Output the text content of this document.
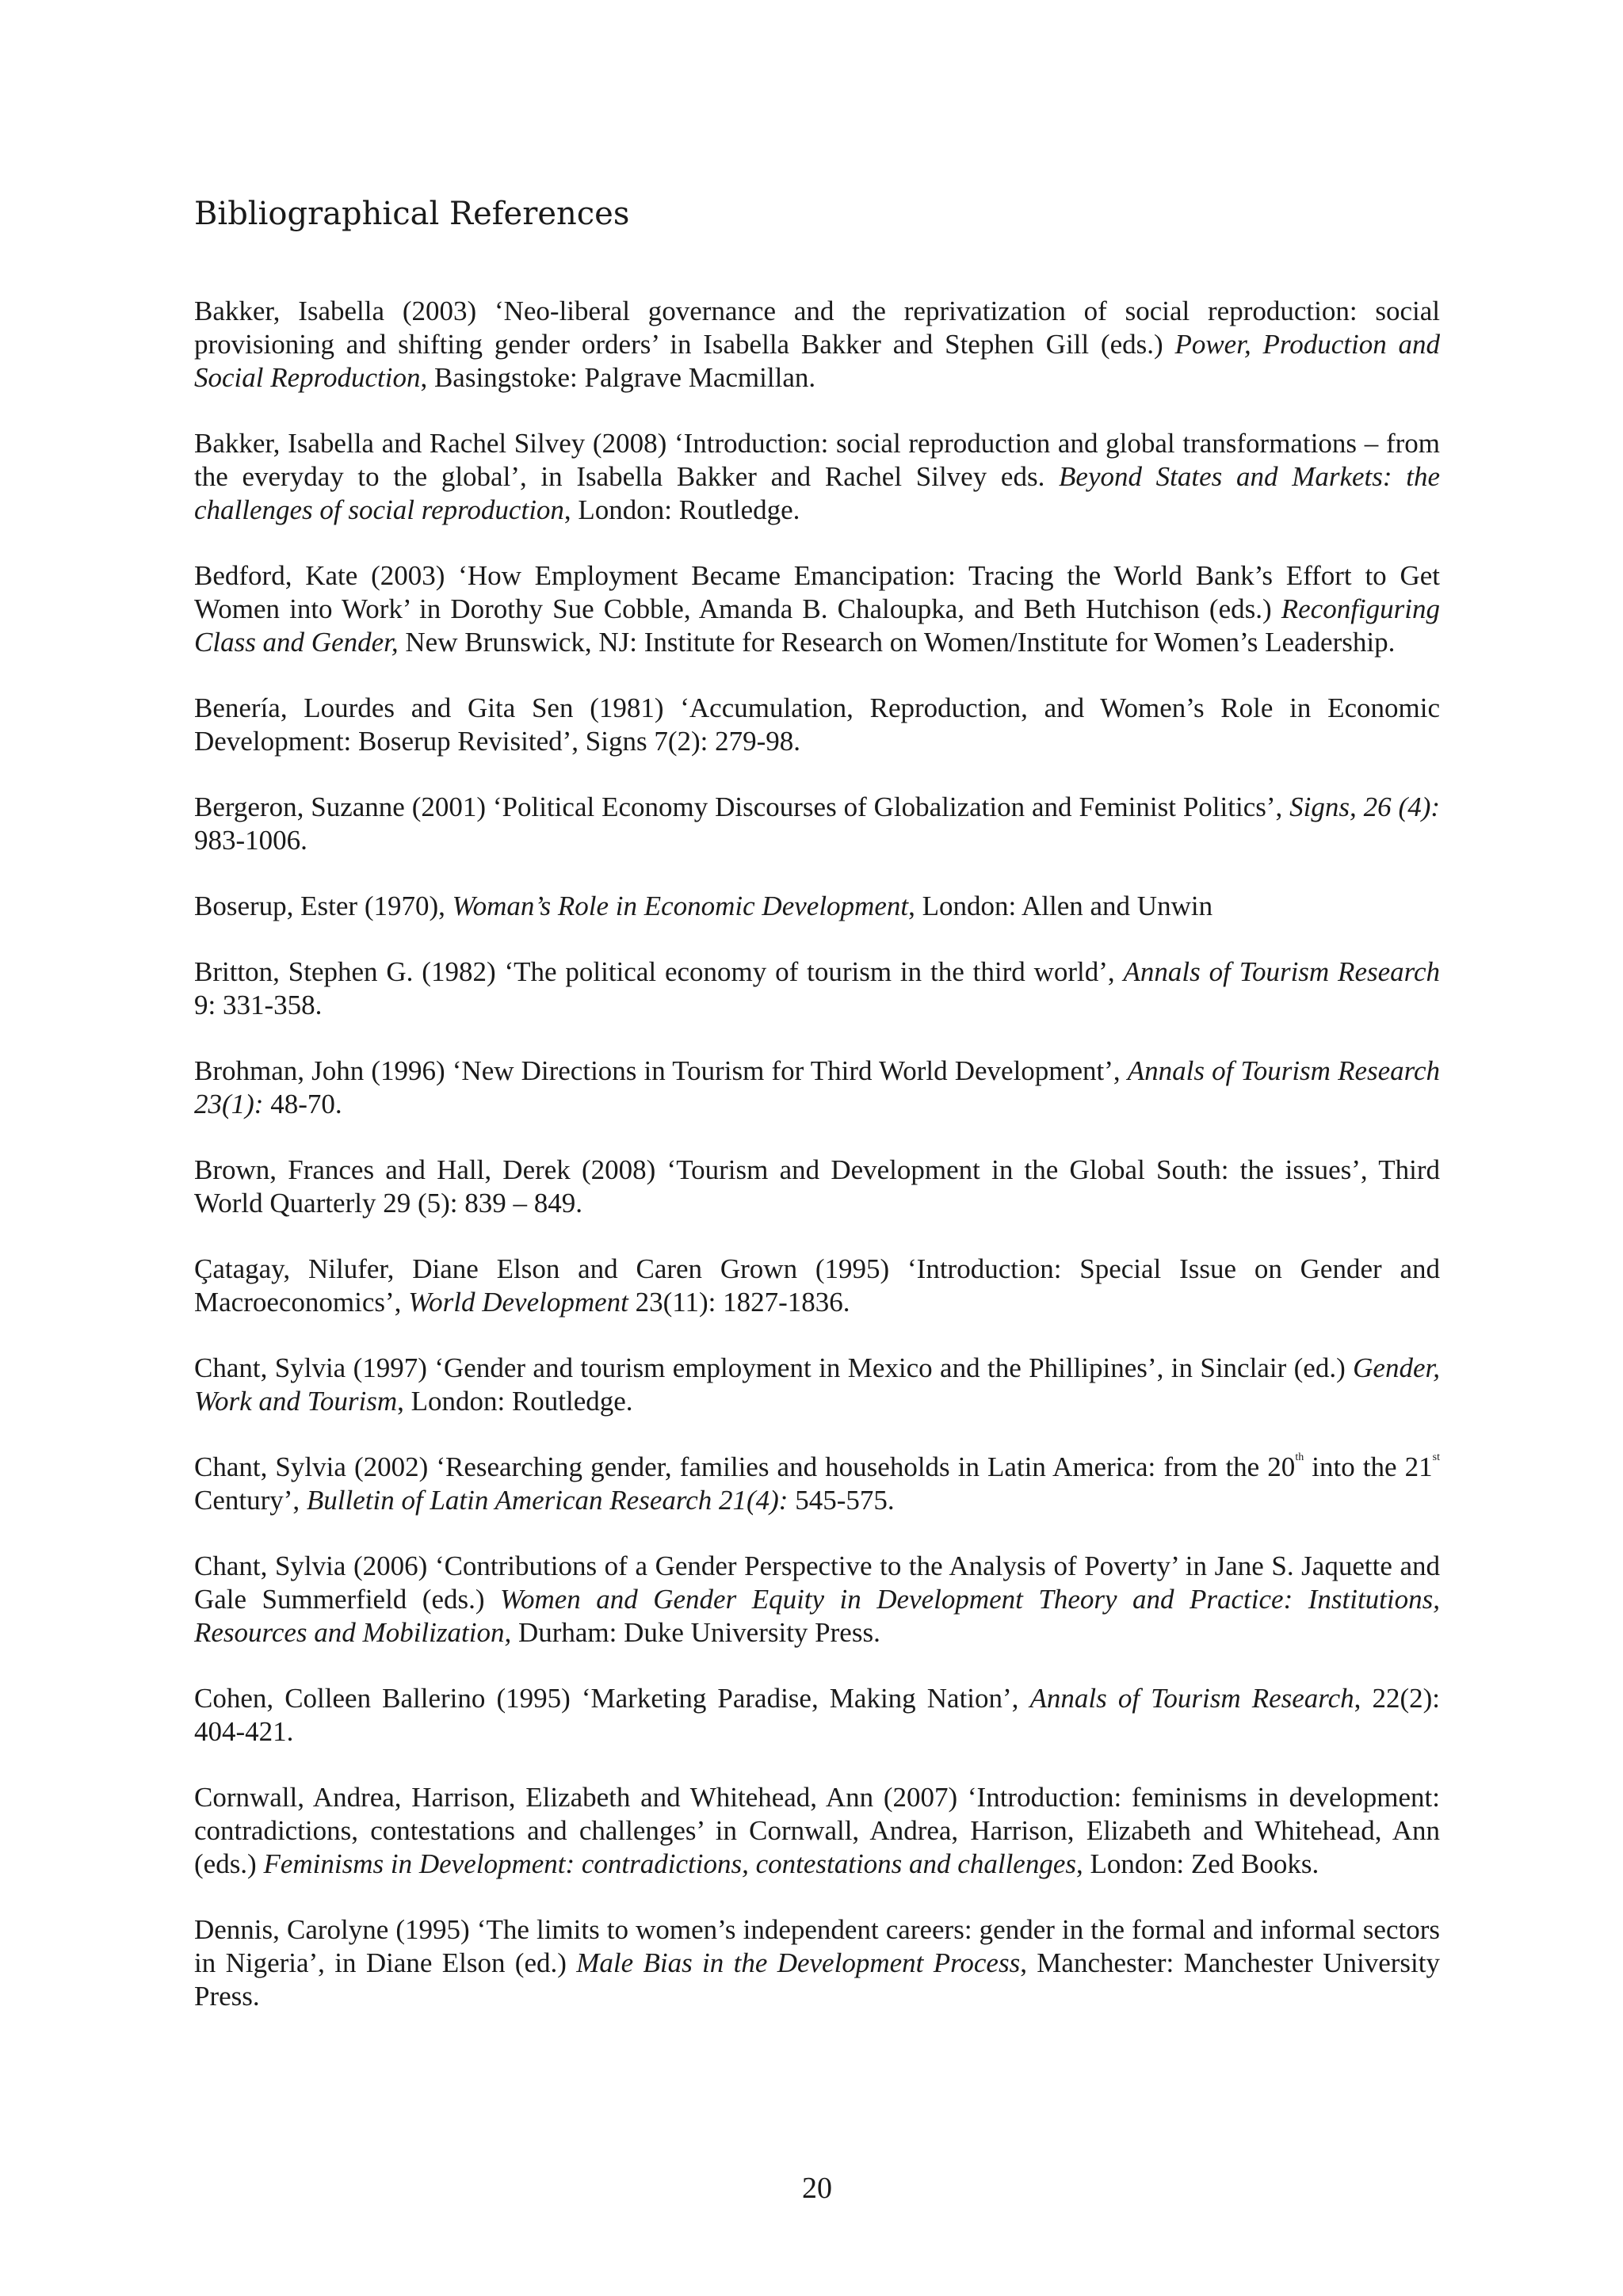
Bibliographical References
Bakker, Isabella (2003) ‘Neo-liberal governance and the reprivatization of social reproduction: social provisioning and shifting gender orders’ in Isabella Bakker and Stephen Gill (eds.) Power, Production and Social Reproduction, Basingstoke: Palgrave Macmillan.
Bakker, Isabella and Rachel Silvey (2008) ‘Introduction: social reproduction and global transformations – from the everyday to the global’, in Isabella Bakker and Rachel Silvey eds. Beyond States and Markets: the challenges of social reproduction, London: Routledge.
Bedford, Kate (2003) ‘How Employment Became Emancipation: Tracing the World Bank’s Effort to Get Women into Work’ in Dorothy Sue Cobble, Amanda B. Chaloupka, and Beth Hutchison (eds.) Reconfiguring Class and Gender, New Brunswick, NJ: Institute for Research on Women/Institute for Women’s Leadership.
Benería, Lourdes and Gita Sen (1981) ‘Accumulation, Reproduction, and Women’s Role in Economic Development: Boserup Revisited’, Signs 7(2): 279-98.
Bergeron, Suzanne (2001) ‘Political Economy Discourses of Globalization and Feminist Politics’, Signs, 26 (4): 983-1006.
Boserup, Ester (1970), Woman’s Role in Economic Development, London: Allen and Unwin
Britton, Stephen G. (1982) ‘The political economy of tourism in the third world’, Annals of Tourism Research 9: 331-358.
Brohman, John (1996) ‘New Directions in Tourism for Third World Development’, Annals of Tourism Research 23(1): 48-70.
Brown, Frances and Hall, Derek (2008) ‘Tourism and Development in the Global South: the issues’, Third World Quarterly 29 (5): 839 – 849.
Çatagay, Nilufer, Diane Elson and Caren Grown (1995) ‘Introduction: Special Issue on Gender and Macroeconomics’, World Development 23(11): 1827-1836.
Chant, Sylvia (1997) ‘Gender and tourism employment in Mexico and the Phillipines’, in Sinclair (ed.) Gender, Work and Tourism, London: Routledge.
Chant, Sylvia (2002) ‘Researching gender, families and households in Latin America: from the 20th into the 21st Century’, Bulletin of Latin American Research 21(4): 545-575.
Chant, Sylvia (2006) ‘Contributions of a Gender Perspective to the Analysis of Poverty’ in Jane S. Jaquette and Gale Summerfield (eds.) Women and Gender Equity in Development Theory and Practice: Institutions, Resources and Mobilization, Durham: Duke University Press.
Cohen, Colleen Ballerino (1995) ‘Marketing Paradise, Making Nation’, Annals of Tourism Research, 22(2): 404-421.
Cornwall, Andrea, Harrison, Elizabeth and Whitehead, Ann (2007) ‘Introduction: feminisms in development: contradictions, contestations and challenges’ in Cornwall, Andrea, Harrison, Elizabeth and Whitehead, Ann (eds.) Feminisms in Development: contradictions, contestations and challenges, London: Zed Books.
Dennis, Carolyne (1995) ‘The limits to women’s independent careers: gender in the formal and informal sectors in Nigeria’, in Diane Elson (ed.) Male Bias in the Development Process, Manchester: Manchester University Press.
20
